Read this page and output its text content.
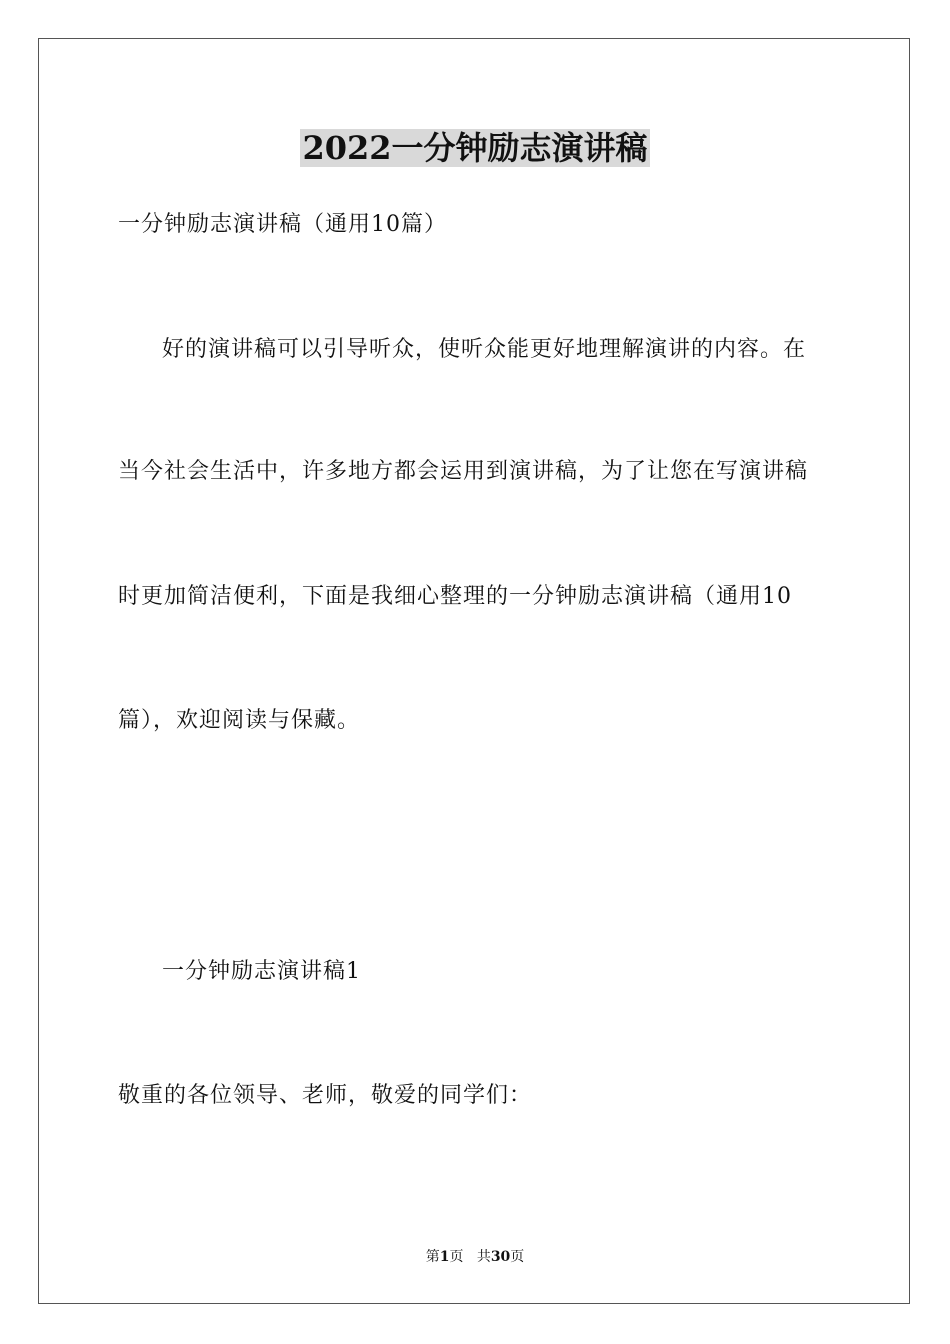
2022一分钟励志演讲稿
一分钟励志演讲稿（通用10篇）
好的演讲稿可以引导听众，使听众能更好地理解演讲的内容。在
当今社会生活中，许多地方都会运用到演讲稿，为了让您在写演讲稿
时更加简洁便利，下面是我细心整理的一分钟励志演讲稿（通用10
篇），欢迎阅读与保藏。
一分钟励志演讲稿1
敬重的各位领导、老师，敬爱的同学们：
第1页 共30页
